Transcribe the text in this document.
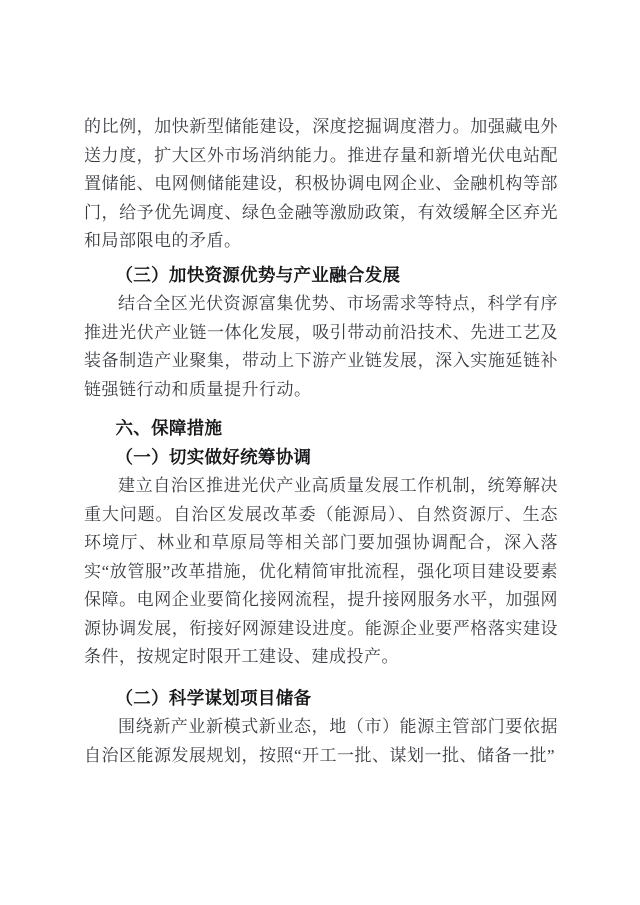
的比例，加快新型储能建设，深度挖掘调度潜力。加强藏电外送力度，扩大区外市场消纳能力。推进存量和新增光伏电站配置储能、电网侧储能建设，积极协调电网企业、金融机构等部门，给予优先调度、绿色金融等激励政策，有效缓解全区弃光和局部限电的矛盾。

（三）加快资源优势与产业融合发展

结合全区光伏资源富集优势、市场需求等特点，科学有序推进光伏产业链一体化发展，吸引带动前沿技术、先进工艺及装备制造产业聚集，带动上下游产业链发展，深入实施延链补链强链行动和质量提升行动。

六、保障措施
（一）切实做好统筹协调

建立自治区推进光伏产业高质量发展工作机制，统筹解决重大问题。自治区发展改革委（能源局）、自然资源厅、生态环境厅、林业和草原局等相关部门要加强协调配合，深入落实“放管服”改革措施，优化精简审批流程，强化项目建设要素保障。电网企业要简化接网流程，提升接网服务水平，加强网源协调发展，衔接好网源建设进度。能源企业要严格落实建设条件，按规定时限开工建设、建成投产。

（二）科学谋划项目储备

围绕新产业新模式新业态，地（市）能源主管部门要依据自治区能源发展规划，按照“开工一批、谋划一批、储备一批”
